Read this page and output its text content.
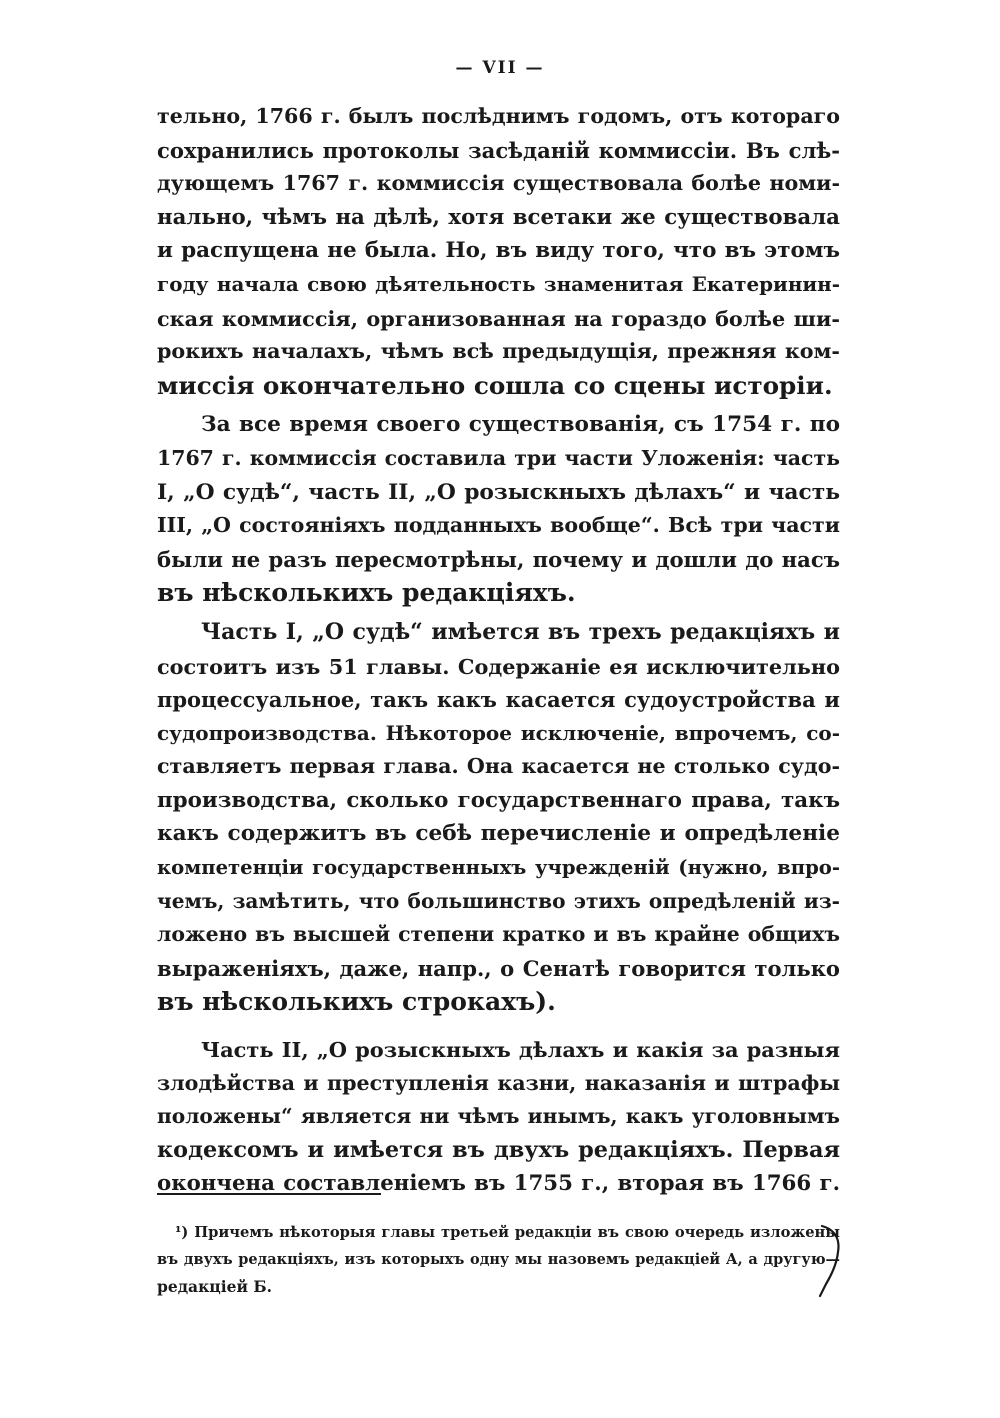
— VII —
тельно, 1766 г. былъ послѣднимъ годомъ, отъ котораго
сохранились протоколы засѣданій коммиссіи. Въ слѣ-
дующемъ 1767 г. коммиссія существовала болѣе номи-
нально, чѣмъ на дѣлѣ, хотя всетаки же существовала
и распущена не была. Но, въ виду того, что въ этомъ
году начала свою дѣятельность знаменитая Екатеринин-
ская коммиссія, организованная на гораздо болѣе ши-
рокихъ началахъ, чѣмъ всѣ предыдущія, прежняя ком-
миссія окончательно сошла со сцены исторіи.
За все время своего существованія, съ 1754 г. по
1767 г. коммиссія составила три части Уложенія: часть
I, „О судѣ“, часть II, „О розыскныхъ дѣлахъ“ и часть
III, „О состояніяхъ подданныхъ вообще“. Всѣ три части
были не разъ пересмотрѣны, почему и дошли до насъ
въ нѣсколькихъ редакціяхъ.
Часть I, „О судѣ“ имѣется въ трехъ редакціяхъ и
состоитъ изъ 51 главы. Содержаніе ея исключительно
процессуальное, такъ какъ касается судоустройства и
судопроизводства. Нѣкоторое исключеніе, впрочемъ, со-
ставляетъ первая глава. Она касается не столько судо-
производства, сколько государственнаго права, такъ
какъ содержитъ въ себѣ перечисленіе и опредѣленіе
компетенціи государственныхъ учрежденій (нужно, впро-
чемъ, замѣтить, что большинство этихъ опредѣленій из-
ложено въ высшей степени кратко и въ крайне общихъ
выраженіяхъ, даже, напр., о Сенатѣ говорится только
въ нѣсколькихъ строкахъ).
Часть II, „О розыскныхъ дѣлахъ и какія за разныя
злодѣйства и преступленія казни, наказанія и штрафы
положены“ является ни чѣмъ инымъ, какъ уголовнымъ
кодексомъ и имѣется въ двухъ редакціяхъ. Первая
окончена составленіемъ въ 1755 г., вторая въ 1766 г.
¹) Причемъ нѣкоторыя главы третьей редакціи въ свою очередь изложены
въ двухъ редакціяхъ, изъ которыхъ одну мы назовемъ редакціей А, а другую—
редакціей Б.
